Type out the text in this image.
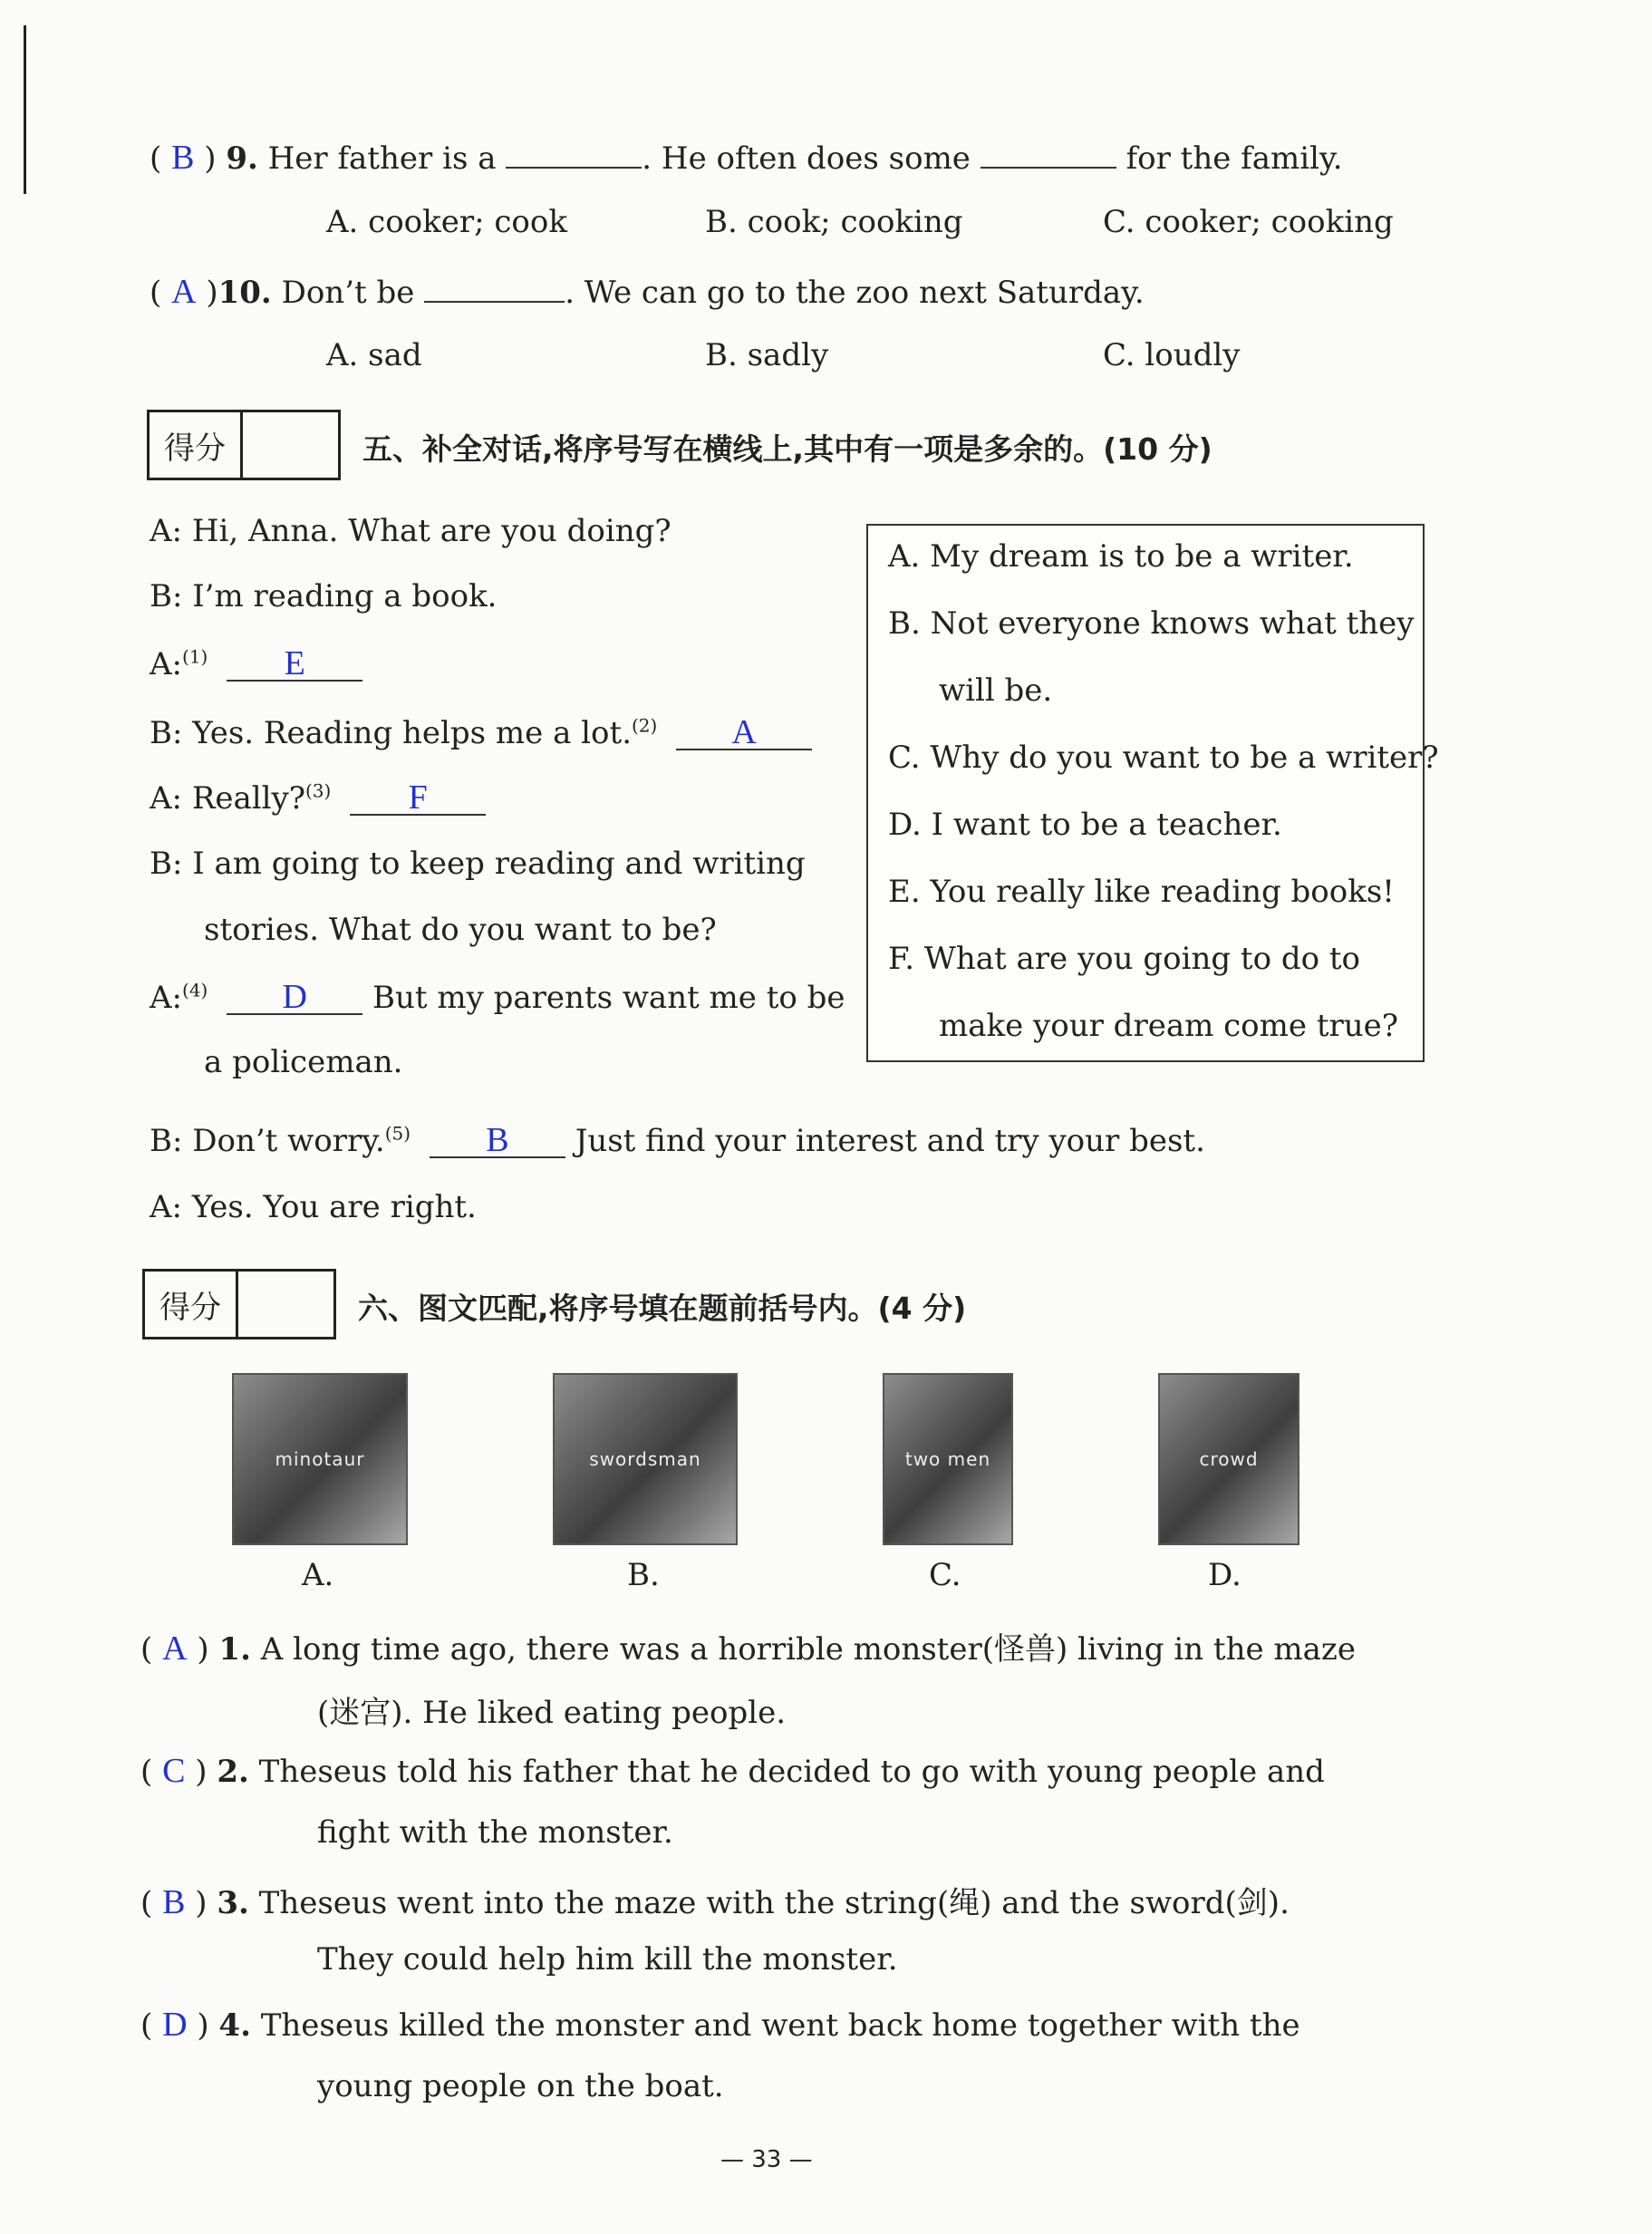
( B ) 9. Her father is a	. He often does some	for the family.
A. cooker; cook	B. cook; cooking	C. cooker; cooking
( A )10. Don’t be	. We can go to the zoo next Saturday.
A. sad	B. sadly	C. loudly
得分	五、补全对话,将序号写在横线上,其中有一项是多余的。(10 分)
A: Hi, Anna. What are you doing?
B: I’m reading a book.
A:$^{(1)}$ E
B: Yes. Reading helps me a lot.$^{(2)}$ A
A: Really?$^{(3)}$ F
B: I am going to keep reading and writing
stories. What do you want to be?
A:$^{(4)}$ D But my parents want me to be
a policeman.
B: Don’t worry.$^{(5)}$ B Just find your interest and try your best.
A: Yes. You are right.
A. My dream is to be a writer.
B. Not everyone knows what they
will be.
C. Why do you want to be a writer?
D. I want to be a teacher.
E. You really like reading books!
F. What are you going to do to
make your dream come true?
得分	六、图文匹配,将序号填在题前括号内。(4 分)
minotaur	swordsman	two men	crowd
A.	B.	C.	D.
( A ) 1. A long time ago, there was a horrible monster(怪兽) living in the maze
(迷宫). He liked eating people.
( C ) 2. Theseus told his father that he decided to go with young people and
fight with the monster.
( B ) 3. Theseus went into the maze with the string(绳) and the sword(剑).
They could help him kill the monster.
( D ) 4. Theseus killed the monster and went back home together with the
young people on the boat.
— 33 —
